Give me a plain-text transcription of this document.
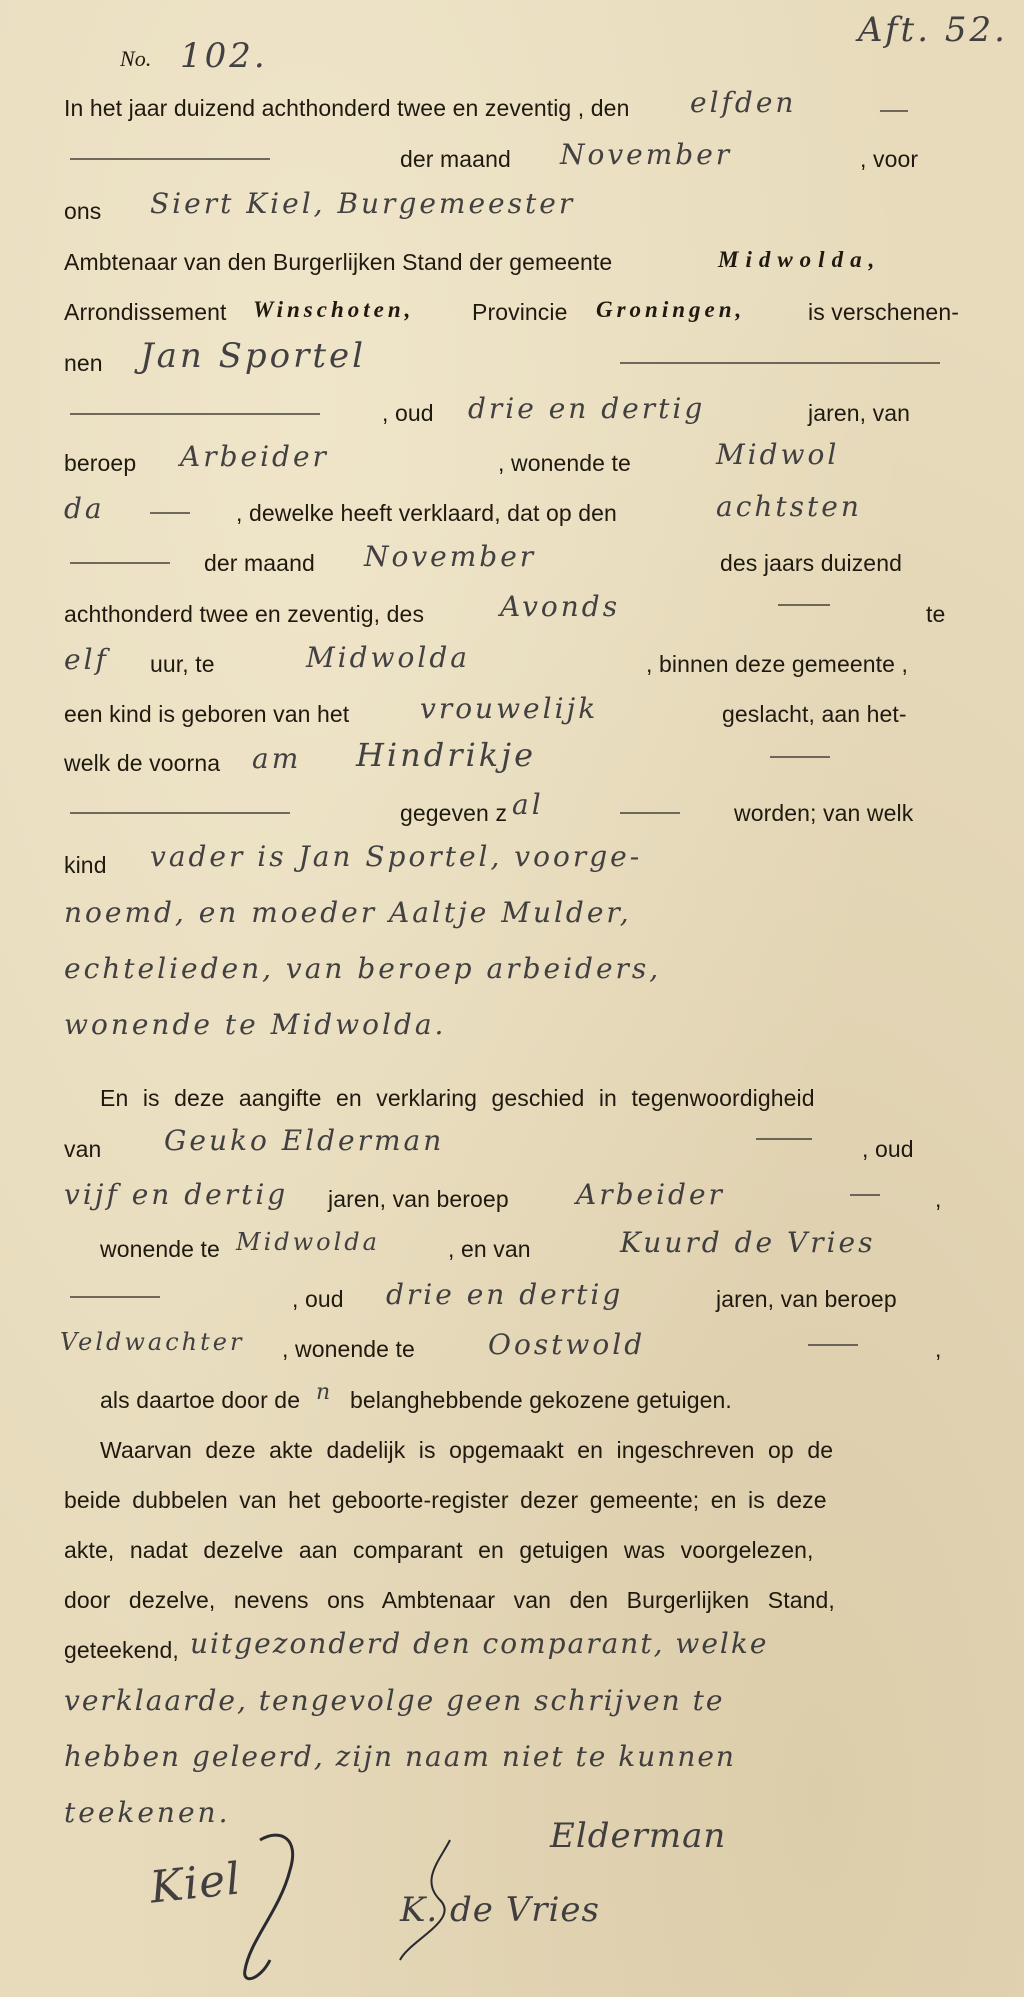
No. 102.
Aft. 52.
In het jaar duizend achthonderd twee en zeventig , den elfden
der maand November	, voor
ons Siert Kiel, Burgemeester
Ambtenaar van den Burgerlijken Stand der gemeente	Midwolda,
Arrondissement Winschoten,	Provincie Groningen,	is verschenen-
nen Jan Sportel
, oud drie en dertig	jaren, van
beroep Arbeider	, wonende te	Midwol
da	, dewelke heeft verklaard, dat op den	achtsten
der maand November	des jaars duizend
achthonderd twee en zeventig, des	Avonds	te
elf uur, te	Midwolda	, binnen deze gemeente ,
een kind is geboren van het	vrouwelijk	geslacht, aan het-
welk de voorna am Hindrikje
gegeven z al	worden; van welk
kind vader is Jan Sportel, voorge-
noemd, en moeder Aaltje Mulder,
echtelieden, van beroep arbeiders,
wonende te Midwolda.
En is deze aangifte en verklaring geschied in tegenwoordigheid
van Geuko Elderman	, oud
vijf en dertig jaren, van beroep Arbeider	,
wonende te Midwolda	, en van	Kuurd de Vries
, oud drie en dertig	jaren, van beroep
Veldwachter , wonende te	Oostwold	,
als daartoe door de n belanghebbende gekozene getuigen.
Waarvan deze akte dadelijk is opgemaakt en ingeschreven op de
beide dubbelen van het geboorte-register dezer gemeente; en is deze
akte, nadat dezelve aan comparant en getuigen was voorgelezen,
door dezelve, nevens ons Ambtenaar van den Burgerlijken Stand,
geteekend, uitgezonderd den comparant, welke
verklaarde, tengevolge geen schrijven te
hebben geleerd, zijn naam niet te kunnen
teekenen.
Kiel
Elderman
K. de Vries
